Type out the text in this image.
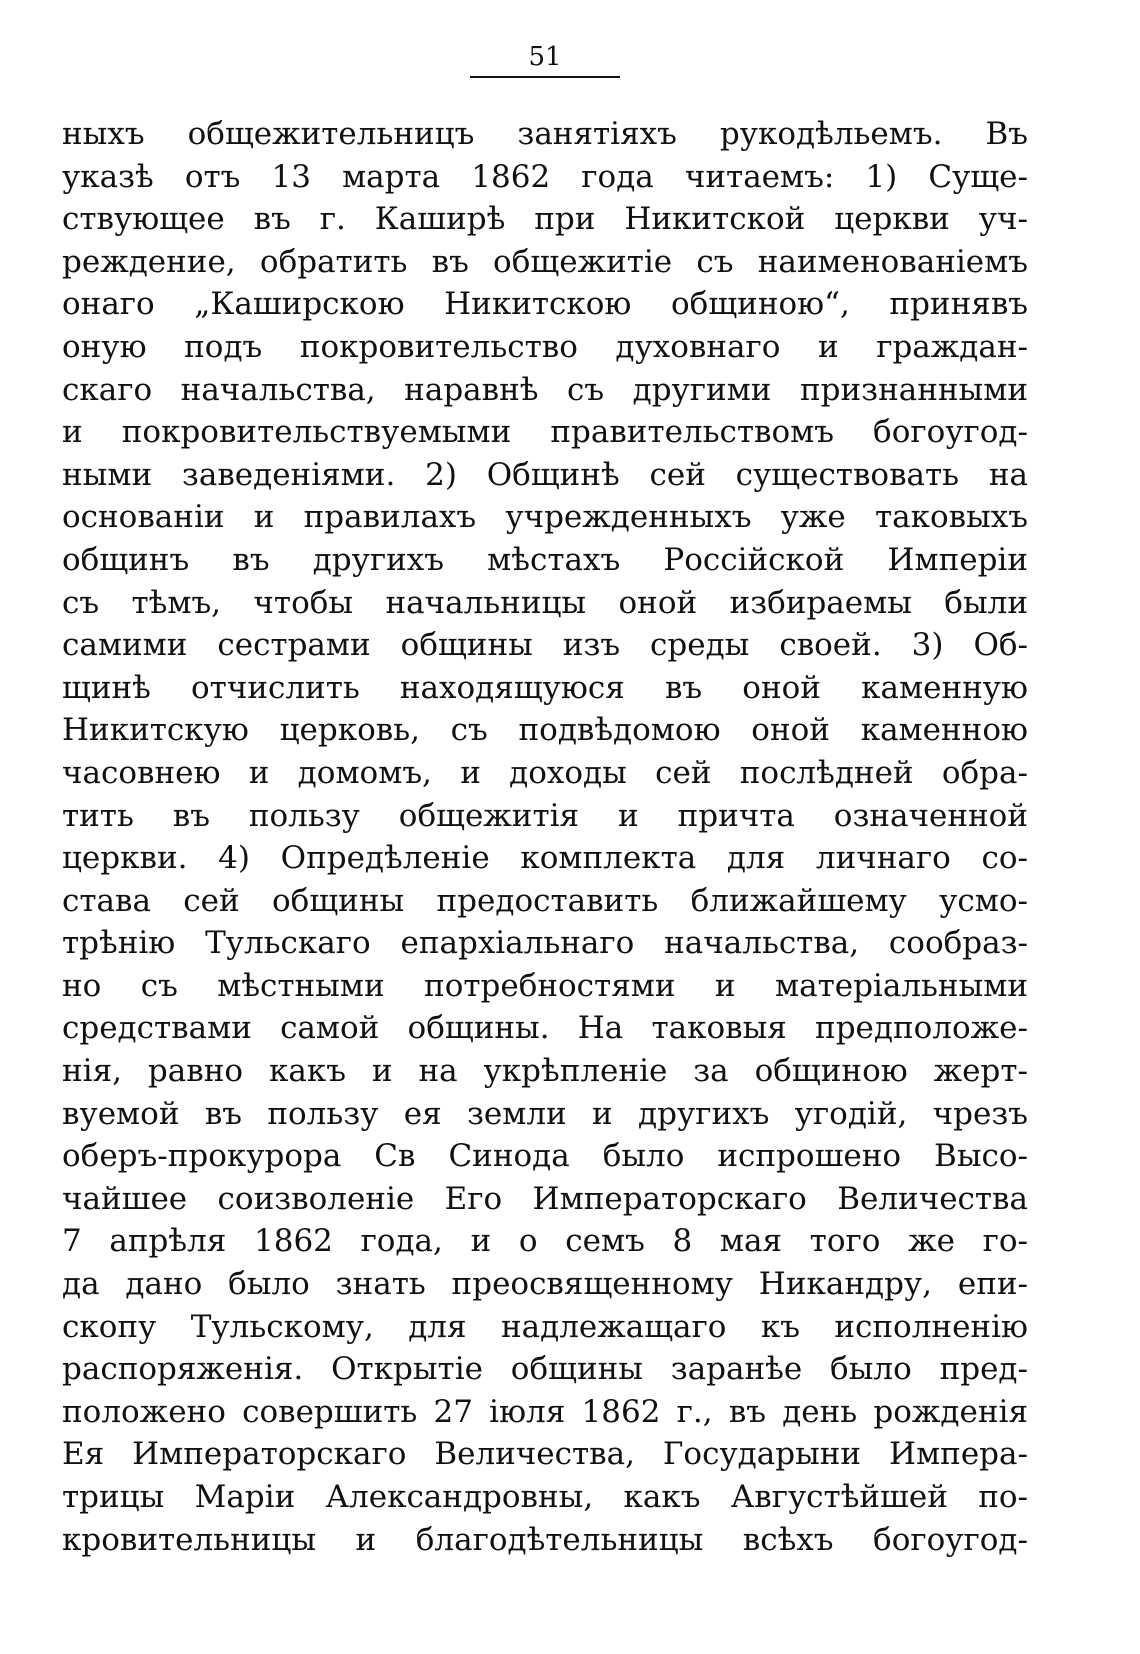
51
ныхъ общежительницъ занятіяхъ рукодѣльемъ. Въ
указѣ отъ 13 марта 1862 года читаемъ: 1) Суще-
ствующее въ г. Каширѣ при Никитской церкви уч-
реждение, обратить въ общежитіе съ наименованіемъ
онаго „Каширскою Никитскою общиною“, принявъ
оную подъ покровительство духовнаго и граждан-
скаго начальства, наравнѣ съ другими признанными
и покровительствуемыми правительствомъ богоугод-
ными заведеніями. 2) Общинѣ сей существовать на
основаніи и правилахъ учрежденныхъ уже таковыхъ
общинъ въ другихъ мѣстахъ Россійской Имперіи
съ тѣмъ, чтобы начальницы оной избираемы были
самими сестрами общины изъ среды своей. 3) Об-
щинѣ отчислить находящуюся въ оной каменную
Никитскую церковь, съ подвѣдомою оной каменною
часовнею и домомъ, и доходы сей послѣдней обра-
тить въ пользу общежитія и причта означенной
церкви. 4) Опредѣленіе комплекта для личнаго со-
става сей общины предоставить ближайшему усмо-
трѣнію Тульскаго епархіальнаго начальства, сообраз-
но съ мѣстными потребностями и матеріальными
средствами самой общины. На таковыя предположе-
нія, равно какъ и на укрѣпленіе за общиною жерт-
вуемой въ пользу ея земли и другихъ угодій, чрезъ
оберъ-прокурора Св Синода было испрошено Высо-
чайшее соизволеніе Его Императорскаго Величества
7 апрѣля 1862 года, и о семъ 8 мая того же го-
да дано было знать преосвященному Никандру, епи-
скопу Тульскому, для надлежащаго къ исполненію
распоряженія. Открытіе общины заранѣе было пред-
положено совершить 27 іюля 1862 г., въ день рожденія
Ея Императорскаго Величества, Государыни Импера-
трицы Маріи Александровны, какъ Августѣйшей по-
кровительницы и благодѣтельницы всѣхъ богоугод-
